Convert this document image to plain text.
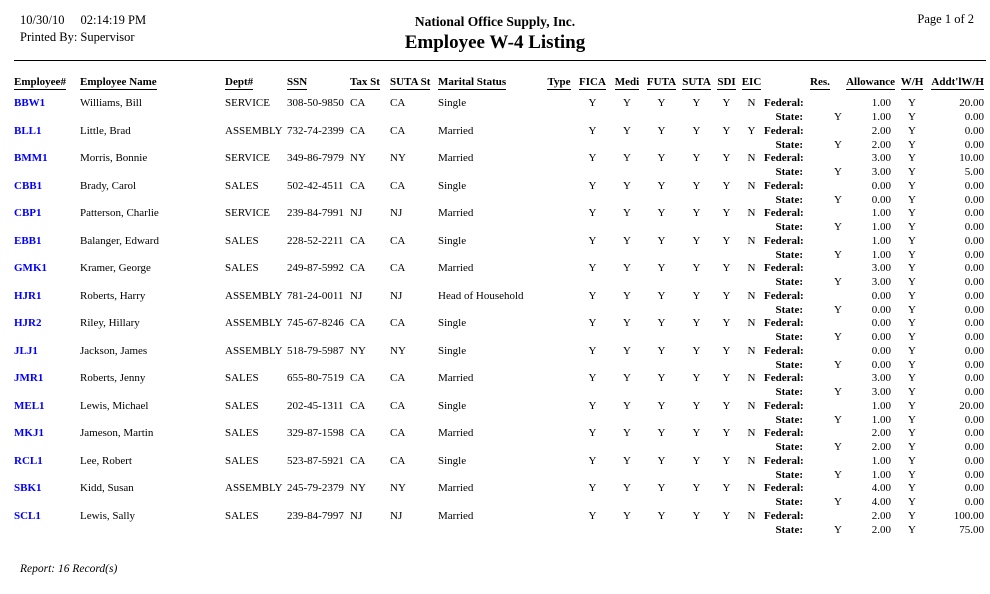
10/30/10 02:14:19 PM
Printed By: Supervisor
National Office Supply, Inc.
Employee W-4 Listing
Page 1 of 2
Employee#	Employee Name	Dept#	SSN	Tax St	SUTA St	Marital Status	Type	FICA	Medi	FUTA	SUTA	SDI	EIC		Res.	Allowance	W/H	Addt'lW/H
BBW1	Williams, Bill	SERVICE	308-50-9850	CA	CA	Single		Y	Y	Y	Y	Y	N	Federal:		1.00	Y	20.00
														State:	Y	1.00	Y	0.00
BLL1	Little, Brad	ASSEMBLY	732-74-2399	CA	CA	Married		Y	Y	Y	Y	Y	Y	Federal:		2.00	Y	0.00
														State:	Y	2.00	Y	0.00
BMM1	Morris, Bonnie	SERVICE	349-86-7979	NY	NY	Married		Y	Y	Y	Y	Y	N	Federal:		3.00	Y	10.00
														State:	Y	3.00	Y	5.00
CBB1	Brady, Carol	SALES	502-42-4511	CA	CA	Single		Y	Y	Y	Y	Y	N	Federal:		0.00	Y	0.00
														State:	Y	0.00	Y	0.00
CBP1	Patterson, Charlie	SERVICE	239-84-7991	NJ	NJ	Married		Y	Y	Y	Y	Y	N	Federal:		1.00	Y	0.00
														State:	Y	1.00	Y	0.00
EBB1	Balanger, Edward	SALES	228-52-2211	CA	CA	Single		Y	Y	Y	Y	Y	N	Federal:		1.00	Y	0.00
														State:	Y	1.00	Y	0.00
GMK1	Kramer, George	SALES	249-87-5992	CA	CA	Married		Y	Y	Y	Y	Y	N	Federal:		3.00	Y	0.00
														State:	Y	3.00	Y	0.00
HJR1	Roberts, Harry	ASSEMBLY	781-24-0011	NJ	NJ	Head of Household		Y	Y	Y	Y	Y	N	Federal:		0.00	Y	0.00
														State:	Y	0.00	Y	0.00
HJR2	Riley, Hillary	ASSEMBLY	745-67-8246	CA	CA	Single		Y	Y	Y	Y	Y	N	Federal:		0.00	Y	0.00
														State:	Y	0.00	Y	0.00
JLJ1	Jackson, James	ASSEMBLY	518-79-5987	NY	NY	Single		Y	Y	Y	Y	Y	N	Federal:		0.00	Y	0.00
														State:	Y	0.00	Y	0.00
JMR1	Roberts, Jenny	SALES	655-80-7519	CA	CA	Married		Y	Y	Y	Y	Y	N	Federal:		3.00	Y	0.00
														State:	Y	3.00	Y	0.00
MEL1	Lewis, Michael	SALES	202-45-1311	CA	CA	Single		Y	Y	Y	Y	Y	N	Federal:		1.00	Y	20.00
														State:	Y	1.00	Y	0.00
MKJ1	Jameson, Martin	SALES	329-87-1598	CA	CA	Married		Y	Y	Y	Y	Y	N	Federal:		2.00	Y	0.00
														State:	Y	2.00	Y	0.00
RCL1	Lee, Robert	SALES	523-87-5921	CA	CA	Single		Y	Y	Y	Y	Y	N	Federal:		1.00	Y	0.00
														State:	Y	1.00	Y	0.00
SBK1	Kidd, Susan	ASSEMBLY	245-79-2379	NY	NY	Married		Y	Y	Y	Y	Y	N	Federal:		4.00	Y	0.00
														State:	Y	4.00	Y	0.00
SCL1	Lewis, Sally	SALES	239-84-7997	NJ	NJ	Married		Y	Y	Y	Y	Y	N	Federal:		2.00	Y	100.00
														State:	Y	2.00	Y	75.00
Report: 16 Record(s)
